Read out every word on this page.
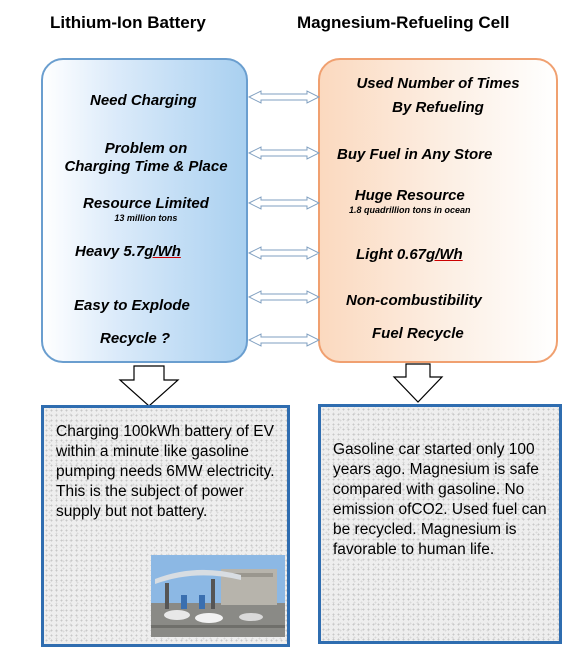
Lithium-Ion Battery	Magnesium-Refueling Cell
Need Charging
Problem on
Charging Time & Place
Resource Limited
13 million tons
Heavy 5.7g/Wh
Easy to Explode
Recycle ?
Used Number of Times
By Refueling
Buy Fuel in Any Store
Huge Resource
1.8 quadrillion tons in ocean
Light 0.67g/Wh
Non-combustibility
Fuel Recycle
Charging 100kWh battery of EV within a minute like gasoline pumping needs 6MW electricity. This is the subject of power supply but not battery.
Gasoline car started only 100 years ago. Magnesium is safe compared with gasoline. No emission ofCO2. Used fuel can be recycled. Magnesium is favorable to human life.
